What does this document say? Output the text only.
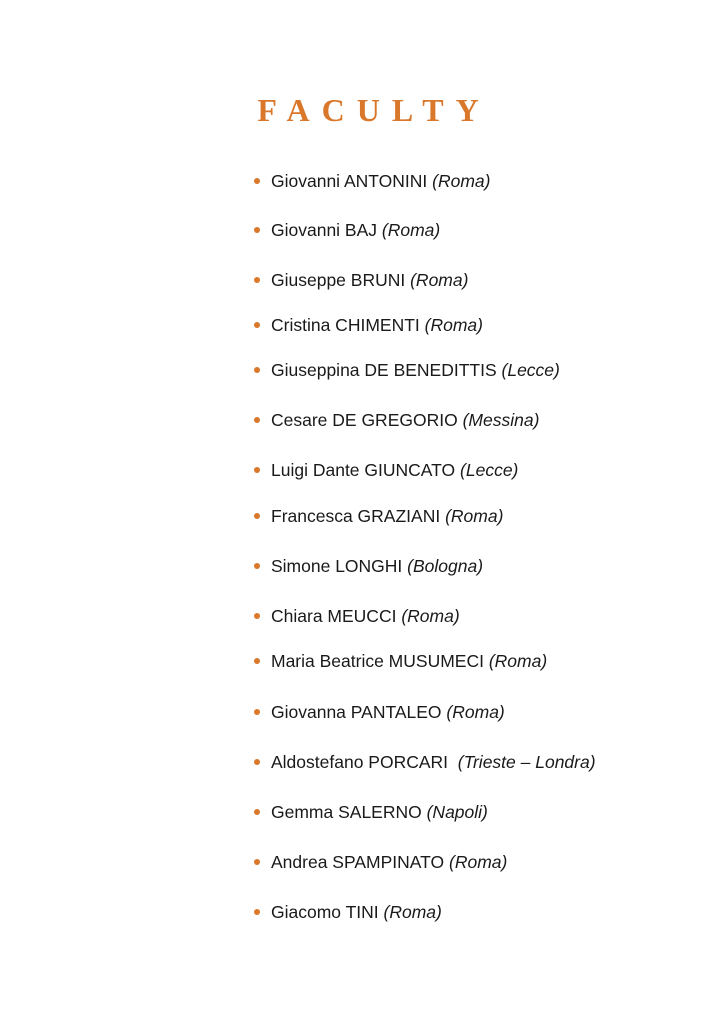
FACULTY
Giovanni ANTONINI
(Roma)
Giovanni BAJ
(Roma)
Giuseppe BRUNI
(Roma)
Cristina CHIMENTI
(Roma)
Giuseppina DE BENEDITTIS
(Lecce)
Cesare DE GREGORIO
(Messina)
Luigi Dante GIUNCATO
(Lecce)
Francesca GRAZIANI
(Roma)
Simone LONGHI
(Bologna)
Chiara MEUCCI
(Roma)
Maria Beatrice MUSUMECI
(Roma)
Giovanna PANTALEO
(Roma)
Aldostefano PORCARI
(Trieste – Londra)
Gemma SALERNO
(Napoli)
Andrea SPAMPINATO
(Roma)
Giacomo TINI
(Roma)
